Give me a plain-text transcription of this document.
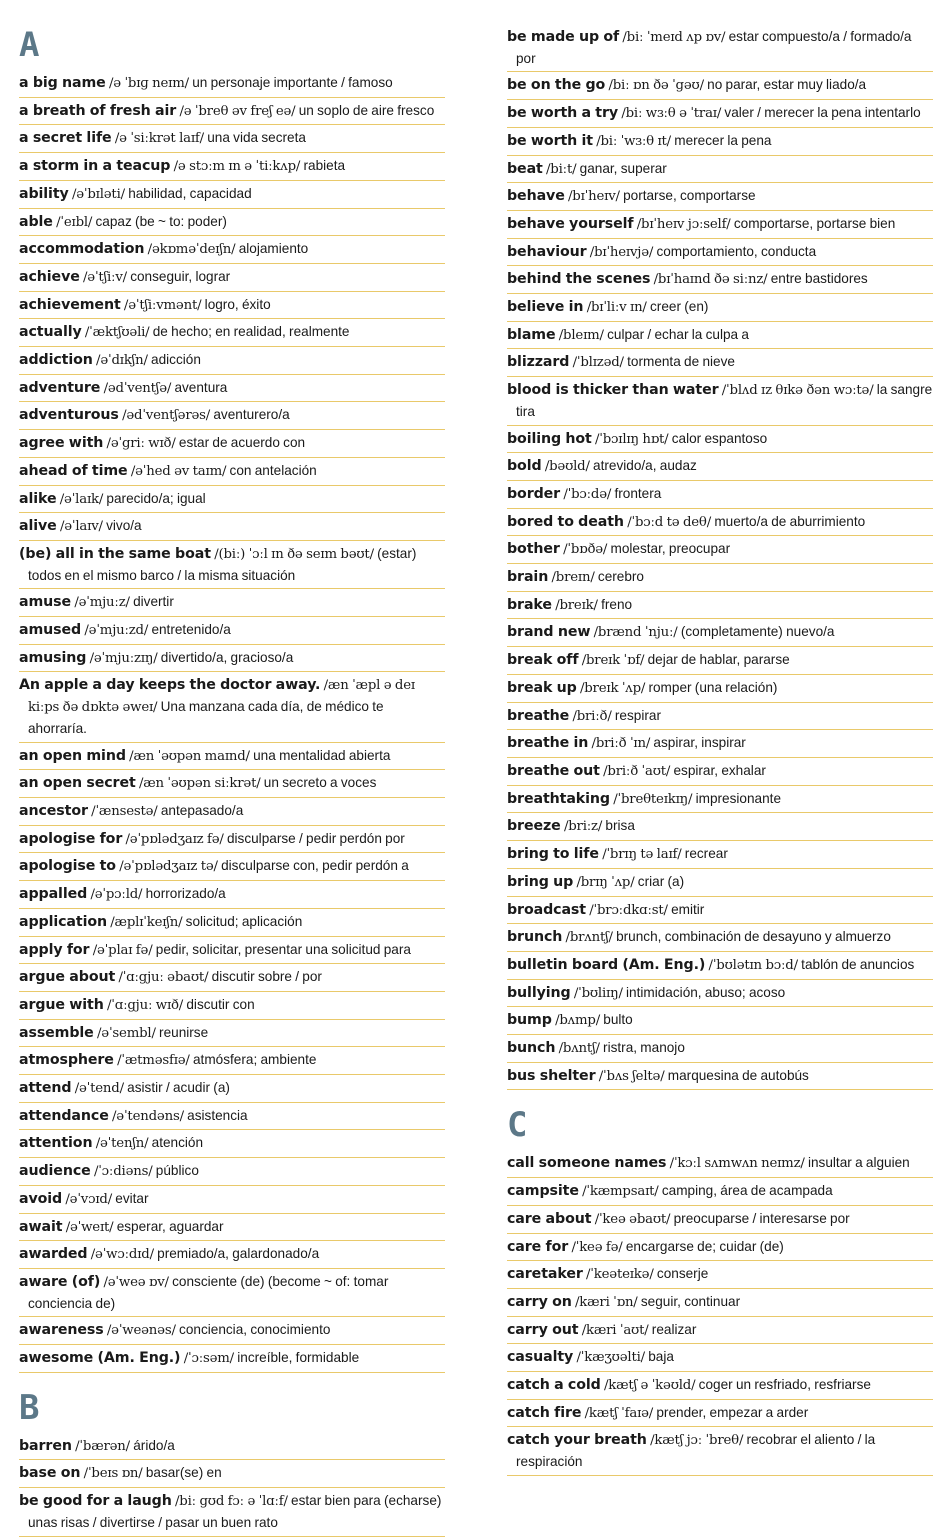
A
a big name /ə ˈbɪɡ neɪm/ un personaje importante / famoso
a breath of fresh air /ə ˈbreθ əv freʃ eə/ un soplo de aire fresco
a secret life /ə ˈsiːkrət laɪf/ una vida secreta
a storm in a teacup /ə stɔːm ɪn ə ˈtiːkʌp/ rabieta
ability /əˈbɪləti/ habilidad, capacidad
able /ˈeɪbl/ capaz (be ~ to: poder)
accommodation /əkɒməˈdeɪʃn/ alojamiento
achieve /əˈtʃiːv/ conseguir, lograr
achievement /əˈtʃiːvmənt/ logro, éxito
actually /ˈæktʃʊəli/ de hecho; en realidad, realmente
addiction /əˈdɪkʃn/ adicción
adventure /ədˈventʃə/ aventura
adventurous /ədˈventʃərəs/ aventurero/a
agree with /əˈgriː wɪð/ estar de acuerdo con
ahead of time /əˈhed əv taɪm/ con antelación
alike /əˈlaɪk/ parecido/a; igual
alive /əˈlaɪv/ vivo/a
(be) all in the same boat /(biː) ˈɔːl ɪn ðə seɪm bəʊt/ (estar) todos en el mismo barco / la misma situación
amuse /əˈmjuːz/ divertir
amused /əˈmjuːzd/ entretenido/a
amusing /əˈmjuːzɪŋ/ divertido/a, gracioso/a
An apple a day keeps the doctor away. /æn ˈæpl ə deɪ kiːps ðə dɒktə əweɪ/ Una manzana cada día, de médico te ahorraría.
an open mind /æn ˈəʊpən maɪnd/ una mentalidad abierta
an open secret /æn ˈəʊpən siːkrət/ un secreto a voces
ancestor /ˈænsestə/ antepasado/a
apologise for /əˈpɒlədʒaɪz fə/ disculparse / pedir perdón por
apologise to /əˈpɒlədʒaɪz tə/ disculparse con, pedir perdón a
appalled /əˈpɔːld/ horrorizado/a
application /æplɪˈkeɪʃn/ solicitud; aplicación
apply for /əˈplaɪ fə/ pedir, solicitar, presentar una solicitud para
argue about /ˈɑːgjuː əbaʊt/ discutir sobre / por
argue with /ˈɑːgjuː wɪð/ discutir con
assemble /əˈsembl/ reunirse
atmosphere /ˈætməsfɪə/ atmósfera; ambiente
attend /əˈtend/ asistir / acudir (a)
attendance /əˈtendəns/ asistencia
attention /əˈtenʃn/ atención
audience /ˈɔːdiəns/ público
avoid /əˈvɔɪd/ evitar
await /əˈweɪt/ esperar, aguardar
awarded /əˈwɔːdɪd/ premiado/a, galardonado/a
aware (of) /əˈweə ɒv/ consciente (de) (become ~ of: tomar conciencia de)
awareness /əˈweənəs/ conciencia, conocimiento
awesome (Am. Eng.) /ˈɔːsəm/ increíble, formidable
B
barren /ˈbærən/ árido/a
base on /ˈbeɪs ɒn/ basar(se) en
be good for a laugh /biː gʊd fɔː ə ˈlɑːf/ estar bien para (echarse) unas risas / divertirse / pasar un buen rato
be made up of /biː ˈmeɪd ʌp ɒv/ estar compuesto/a / formado/a por
be on the go /biː ɒn ðə ˈgəʊ/ no parar, estar muy liado/a
be worth a try /biː wɜːθ ə ˈtraɪ/ valer / merecer la pena intentarlo
be worth it /biː ˈwɜːθ ɪt/ merecer la pena
beat /biːt/ ganar, superar
behave /bɪˈheɪv/ portarse, comportarse
behave yourself /bɪˈheɪv jɔːself/ comportarse, portarse bien
behaviour /bɪˈheɪvjə/ comportamiento, conducta
behind the scenes /bɪˈhaɪnd ðə siːnz/ entre bastidores
believe in /bɪˈliːv ɪn/ creer (en)
blame /bleɪm/ culpar / echar la culpa a
blizzard /ˈblɪzəd/ tormenta de nieve
blood is thicker than water /ˈblʌd ɪz θɪkə ðən wɔːtə/ la sangre tira
boiling hot /ˈbɔɪlɪŋ hɒt/ calor espantoso
bold /bəʊld/ atrevido/a, audaz
border /ˈbɔːdə/ frontera
bored to death /ˈbɔːd tə deθ/ muerto/a de aburrimiento
bother /ˈbɒðə/ molestar, preocupar
brain /breɪn/ cerebro
brake /breɪk/ freno
brand new /brænd ˈnjuː/ (completamente) nuevo/a
break off /breɪk ˈɒf/ dejar de hablar, pararse
break up /breɪk ˈʌp/ romper (una relación)
breathe /briːð/ respirar
breathe in /briːð ˈɪn/ aspirar, inspirar
breathe out /briːð ˈaʊt/ espirar, exhalar
breathtaking /ˈbreθteɪkɪŋ/ impresionante
breeze /briːz/ brisa
bring to life /ˈbrɪŋ tə laɪf/ recrear
bring up /brɪŋ ˈʌp/ criar (a)
broadcast /ˈbrɔːdkɑːst/ emitir
brunch /brʌntʃ/ brunch, combinación de desayuno y almuerzo
bulletin board (Am. Eng.) /ˈbʊlətɪn bɔːd/ tablón de anuncios
bullying /ˈbʊliɪŋ/ intimidación, abuso; acoso
bump /bʌmp/ bulto
bunch /bʌntʃ/ ristra, manojo
bus shelter /ˈbʌs ʃeltə/ marquesina de autobús
C
call someone names /ˈkɔːl sʌmwʌn neɪmz/ insultar a alguien
campsite /ˈkæmpsaɪt/ camping, área de acampada
care about /ˈkeə əbaʊt/ preocuparse / interesarse por
care for /ˈkeə fə/ encargarse de; cuidar (de)
caretaker /ˈkeəteɪkə/ conserje
carry on /kæri ˈɒn/ seguir, continuar
carry out /kæri ˈaʊt/ realizar
casualty /ˈkæʒʊəlti/ baja
catch a cold /kætʃ ə ˈkəʊld/ coger un resfriado, resfriarse
catch fire /kætʃ ˈfaɪə/ prender, empezar a arder
catch your breath /kætʃ jɔː ˈbreθ/ recobrar el aliento / la respiración
